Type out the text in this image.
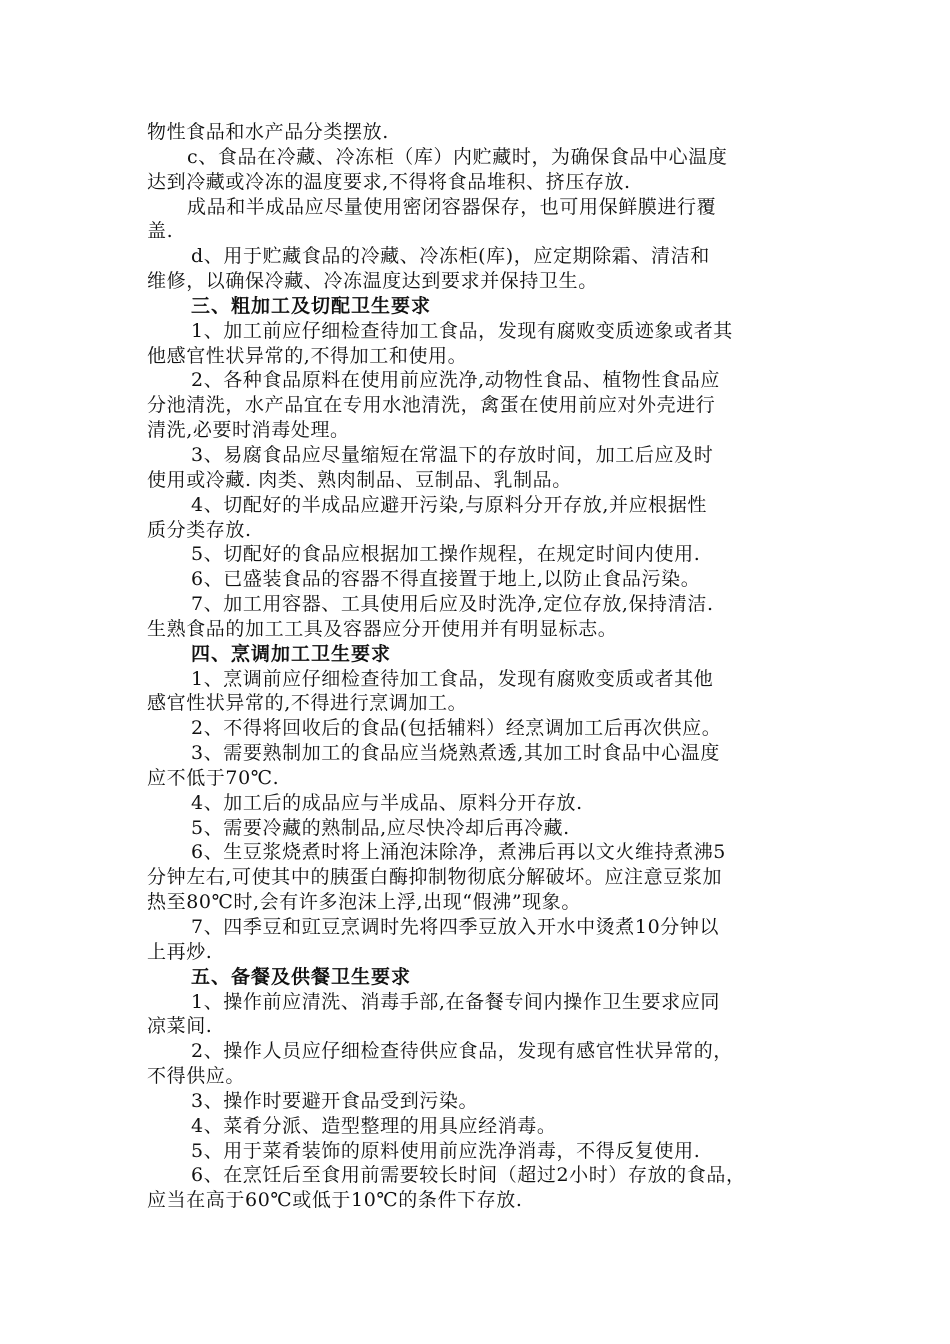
物性食品和水产品分类摆放.
c、食品在冷藏、冷冻柜（库）内贮藏时，为确保食品中心温度
达到冷藏或冷冻的温度要求,不得将食品堆积、挤压存放.
成品和半成品应尽量使用密闭容器保存，也可用保鲜膜进行覆
盖.
d、用于贮藏食品的冷藏、冷冻柜(库)，应定期除霜、清洁和
维修，以确保冷藏、冷冻温度达到要求并保持卫生。
三、粗加工及切配卫生要求
1、加工前应仔细检查待加工食品，发现有腐败变质迹象或者其
他感官性状异常的,不得加工和使用。
2、各种食品原料在使用前应洗净,动物性食品、植物性食品应
分池清洗，水产品宜在专用水池清洗，禽蛋在使用前应对外壳进行
清洗,必要时消毒处理。
3、易腐食品应尽量缩短在常温下的存放时间，加工后应及时
使用或冷藏. 肉类、熟肉制品、豆制品、乳制品。
4、切配好的半成品应避开污染,与原料分开存放,并应根据性
质分类存放.
5、切配好的食品应根据加工操作规程，在规定时间内使用.
6、已盛装食品的容器不得直接置于地上,以防止食品污染。
7、加工用容器、工具使用后应及时洗净,定位存放,保持清洁.
生熟食品的加工工具及容器应分开使用并有明显标志。
四、烹调加工卫生要求
1、烹调前应仔细检查待加工食品，发现有腐败变质或者其他
感官性状异常的,不得进行烹调加工。
2、不得将回收后的食品(包括辅料）经烹调加工后再次供应。
3、需要熟制加工的食品应当烧熟煮透,其加工时食品中心温度
应不低于70℃.
4、加工后的成品应与半成品、原料分开存放.
5、需要冷藏的熟制品,应尽快冷却后再冷藏.
6、生豆浆烧煮时将上涌泡沫除净，煮沸后再以文火维持煮沸5
分钟左右,可使其中的胰蛋白酶抑制物彻底分解破坏。应注意豆浆加
热至80℃时,会有许多泡沫上浮,出现“假沸”现象。
7、四季豆和豇豆烹调时先将四季豆放入开水中烫煮10分钟以
上再炒.
五、备餐及供餐卫生要求
1、操作前应清洗、消毒手部,在备餐专间内操作卫生要求应同
凉菜间.
2、操作人员应仔细检查待供应食品，发现有感官性状异常的，
不得供应。
3、操作时要避开食品受到污染。
4、菜肴分派、造型整理的用具应经消毒。
5、用于菜肴装饰的原料使用前应洗净消毒，不得反复使用.
6、在烹饪后至食用前需要较长时间（超过2小时）存放的食品，
应当在高于60℃或低于10℃的条件下存放.
